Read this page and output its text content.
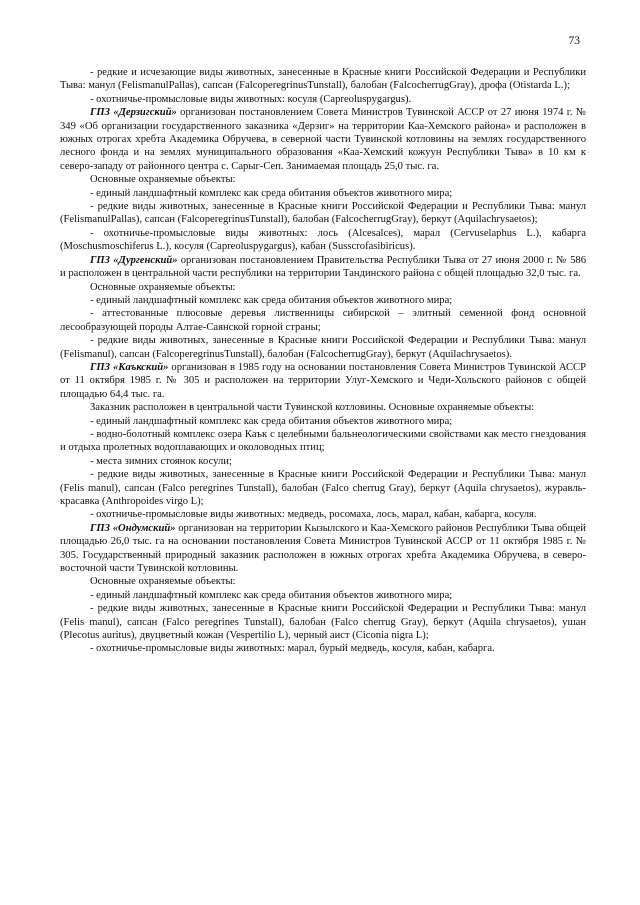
73

- редкие и исчезающие виды животных, занесенные в Красные книги Российской Федерации и Республики Тыва: манул (FelismanulPallas), сапсан (FalcoperegrinusTunstall), балобан (FalcocherrugGray), дрофа (Otistarda L.);

- охотничье-промысловые виды животных: косуля (Capreoluspygargus).

ГПЗ «Дерзигский» организован постановлением Совета Министров Тувинской АССР от 27 июня 1974 г. № 349 «Об организации государственного заказника «Дерзиг» на территории Каа-Хемского района» и расположен в южных отрогах хребта Академика Обручева, в северной части Тувинской котловины на землях государственного лесного фонда и на землях муниципального образования «Каа-Хемский кожуун Республики Тыва» в 10 км к северо-западу от районного центра с. Сарыг-Сеп. Занимаемая площадь 25,0 тыс. га.

Основные охраняемые объекты:

- единый ландшафтный комплекс как среда обитания объектов животного мира;

- редкие виды животных, занесенные в Красные книги Российской Федерации и Республики Тыва: манул (FelismanulPallas), сапсан (FalcoperegrinusTunstall), балобан (FalcocherrugGray), беркут (Aquilachrysaetos);

- охотничье-промысловые виды животных: лось (Alcesalces), марал (Cervuselaphus L.), кабарга (Moschusmoschiferus L.), косуля (Capreoluspygargus), кабан (Susscrofasibiricus).

ГПЗ «Дургенский» организован постановлением Правительства Республики Тыва от 27 июня 2000 г. № 586 и расположен в центральной части республики на территории Тандинского района с общей площадью 32,0 тыс. га.

Основные охраняемые объекты:

- единый ландшафтный комплекс как среда обитания объектов животного мира;

- аттестованные плюсовые деревья лиственницы сибирской – элитный семенной фонд основной лесообразующей породы Алтае-Саянской горной страны;

- редкие виды животных, занесенные в Красные книги Российской Федерации и Республики Тыва: манул (Felismanul), сапсан (FalcoperegrinusTunstall), балобан (FalcocherrugGray), беркут (Aquilachrysaetos).

ГПЗ «Каъкский» организован в 1985 году на основании постановления Совета Министров Тувинской АССР от 11 октября 1985 г. № 305 и расположен на территории Улуг-Хемского и Чеди-Хольского районов с общей площадью 64,4 тыс. га.

Заказник расположен в центральной части Тувинской котловины. Основные охраняемые объекты:

- единый ландшафтный комплекс как среда обитания объектов животного мира;

- водно-болотный комплекс озера Каък с целебными бальнеологическими свойствами как место гнездования и отдыха пролетных водоплавающих и околоводных птиц;

- места зимних стоянок косули;

- редкие виды животных, занесенные в Красные книги Российской Федерации и Республики Тыва: манул (Felis manul), сапсан (Falco peregrines Tunstall), балобан (Falco cherrug Gray), беркут (Aquila chrysaetos), журавль-красавка (Anthropoides virgo L);

- охотничье-промысловые виды животных: медведь, росомаха, лось, марал, кабан, кабарга, косуля.

ГПЗ «Ондумский» организован на территории Кызылского и Каа-Хемского районов Республики Тыва общей площадью 26,0 тыс. га на основании постановления Совета Министров Тувинской АССР от 11 октября 1985 г. № 305. Государственный природный заказник расположен в южных отрогах хребта Академика Обручева, в северо-восточной части Тувинской котловины.

Основные охраняемые объекты:

- единый ландшафтный комплекс как среда обитания объектов животного мира;

- редкие виды животных, занесенные в Красные книги Российской Федерации и Республики Тыва: манул (Felis manul), сапсан (Falco peregrines Tunstall), балобан (Falco cherrug Gray), беркут (Aquila chrysaetos), ушан (Plecotus auritus), двуцветный кожан (Vespertilio L), черный аист (Ciconia nigra L);

- охотничье-промысловые виды животных: марал, бурый медведь, косуля, кабан, кабарга.
